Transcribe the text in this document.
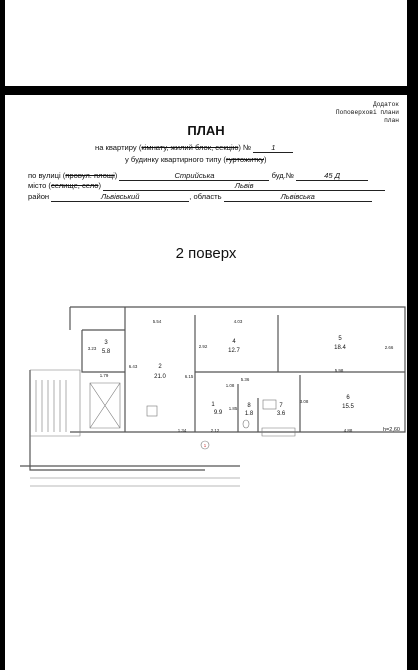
Додаток
Поповерхові плани
план
ПЛАН
на квартиру (кімнату, жилий блок, секцію) №	1
у будинку квартирного типу (гуртожитку)
по вулиці (провул. площі)	Стрийська	буд.№	45 Д
місто (селище, село)	Львів
район	Львівський	, область	Львівська
2 поверх
1
9.9
2
21.0
3
5.8
4
12.7
5
18.4
6
15.5
7
3.6
8
1.8
5.54	4.03
2.92
3.23
6.43
2.66
1.79	6.15
5.36
1.08
5.98
3.08
1.85
1.34	2.12	4.88	h=2,60
1
